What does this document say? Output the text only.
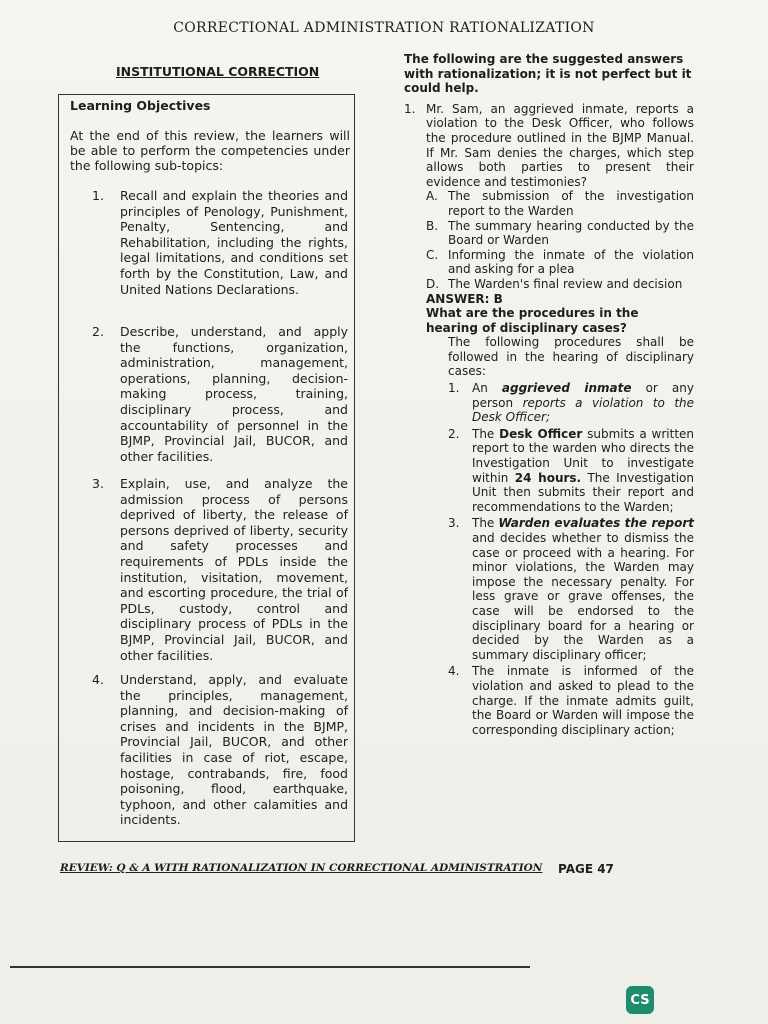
CORRECTIONAL ADMINISTRATION RATIONALIZATION
INSTITUTIONAL CORRECTION
Learning Objectives
At the end of this review, the learners will be able to perform the competencies under the following sub-topics:
1. Recall and explain the theories and principles of Penology, Punishment, Penalty, Sentencing, and Rehabilitation, including the rights, legal limitations, and conditions set forth by the Constitution, Law, and United Nations Declarations.
2. Describe, understand, and apply the functions, organization, administration, management, operations, planning, decision-making process, training, disciplinary process, and accountability of personnel in the BJMP, Provincial Jail, BUCOR, and other facilities.
3. Explain, use, and analyze the admission process of persons deprived of liberty, the release of persons deprived of liberty, security and safety processes and requirements of PDLs inside the institution, visitation, movement, and escorting procedure, the trial of PDLs, custody, control and disciplinary process of PDLs in the BJMP, Provincial Jail, BUCOR, and other facilities.
4. Understand, apply, and evaluate the principles, management, planning, and decision-making of crises and incidents in the BJMP, Provincial Jail, BUCOR, and other facilities in case of riot, escape, hostage, contrabands, fire, food poisoning, flood, earthquake, typhoon, and other calamities and incidents.
The following are the suggested answers with rationalization; it is not perfect but it could help.
1. Mr. Sam, an aggrieved inmate, reports a violation to the Desk Officer, who follows the procedure outlined in the BJMP Manual. If Mr. Sam denies the charges, which step allows both parties to present their evidence and testimonies?
A. The submission of the investigation report to the Warden
B. The summary hearing conducted by the Board or Warden
C. Informing the inmate of the violation and asking for a plea
D. The Warden's final review and decision
ANSWER: B
What are the procedures in the hearing of disciplinary cases?
The following procedures shall be followed in the hearing of disciplinary cases:
1.	An aggrieved inmate or any person reports a violation to the Desk Officer;
2.	The Desk Officer submits a written report to the warden who directs the Investigation Unit to investigate within 24 hours. The Investigation Unit then submits their report and recommendations to the Warden;
3.	The Warden evaluates the report and decides whether to dismiss the case or proceed with a hearing. For minor violations, the Warden may impose the necessary penalty. For less grave or grave offenses, the case will be endorsed to the disciplinary board for a hearing or decided by the Warden as a summary disciplinary officer;
4.	The inmate is informed of the violation and asked to plead to the charge. If the inmate admits guilt, the Board or Warden will impose the corresponding disciplinary action;
REVIEW: Q & A WITH RATIONALIZATION IN CORRECTIONAL ADMINISTRATION PAGE 47
CS
